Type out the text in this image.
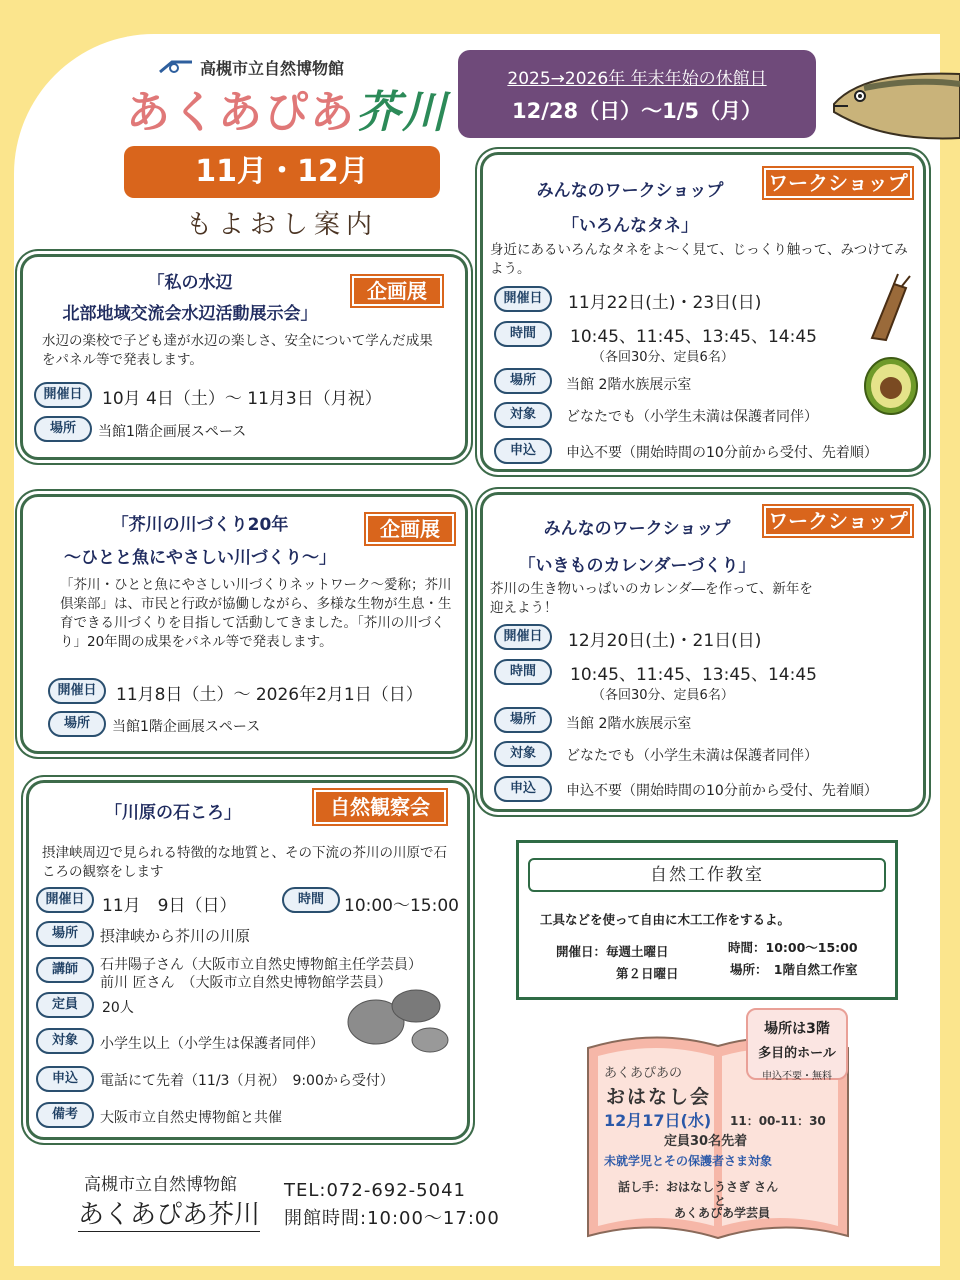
高槻市立自然博物館
あくあぴあ芥川
2025→2026年 年末年始の休館日
12/28（日）～1/5（月）
11月・12月
もよおし案内
「私の水辺
北部地域交流会水辺活動展示会」
企画展
水辺の楽校で子ども達が水辺の楽しさ、安全について学んだ成果をパネル等で発表します。
開催日	10月 4日（土）～ 11月3日（月祝）
場所	当館1階企画展スペース
「芥川の川づくり20年
～ひとと魚にやさしい川づくり～」
企画展
「芥川・ひとと魚にやさしい川づくりネットワーク～愛称；芥川倶楽部」は、市民と行政が協働しながら、多様な生物が生息・生育できる川づくりを目指して活動してきました。「芥川の川づくり」20年間の成果をパネル等で発表します。
開催日	11月8日（土）～ 2026年2月1日（日）
場所	当館1階企画展スペース
「川原の石ころ」	自然観察会
摂津峡周辺で見られる特徴的な地質と、その下流の芥川の川原で石ころの観察をします
開催日	11月　9日（日）	時間	10:00～15:00
場所	摂津峡から芥川の川原
講師	石井陽子さん（大阪市立自然史博物館主任学芸員）
前川 匠さん　（大阪市立自然史博物館学芸員）
定員	20人
対象	小学生以上（小学生は保護者同伴）
申込	電話にて先着（11/3（月祝）　9:00から受付）
備考	大阪市立自然史博物館と共催
みんなのワークショップ
「いろんなタネ」
ワークショップ
身近にあるいろんなタネをよ～く見て、じっくり触って、みつけてみよう。
開催日	11月22日(土)・23日(日)
時間	10:45、11:45、13:45、14:45
（各回30分、定員6名）
場所	当館 2階水族展示室
対象	どなたでも（小学生未満は保護者同伴）
申込	申込不要（開始時間の10分前から受付、先着順）
みんなのワークショップ
「いきものカレンダーづくり」
ワークショップ
芥川の生き物いっぱいのカレンダ―を作って、新年を迎えよう！
開催日	12月20日(土)・21日(日)
時間	10:45、11:45、13:45、14:45
（各回30分、定員6名）
場所	当館 2階水族展示室
対象	どなたでも（小学生未満は保護者同伴）
申込	申込不要（開始時間の10分前から受付、先着順）
自然工作教室
工具などを使って自由に木工工作をするよ。
開催日：毎週土曜日
第２日曜日
時間：10:00～15:00
場所：　1階自然工作室
場所は3階
多目的ホール
申込不要・無料
あくあぴあの
おはなし会
12月17日(水) 11：00-11：30
定員30名先着
未就学児とその保護者さま対象
話し手：おはなしうさぎ さん
と
あくあぴあ学芸員
高槻市立自然博物館
あくあぴあ芥川
TEL:072-692-5041
開館時間:10:00～17:00
